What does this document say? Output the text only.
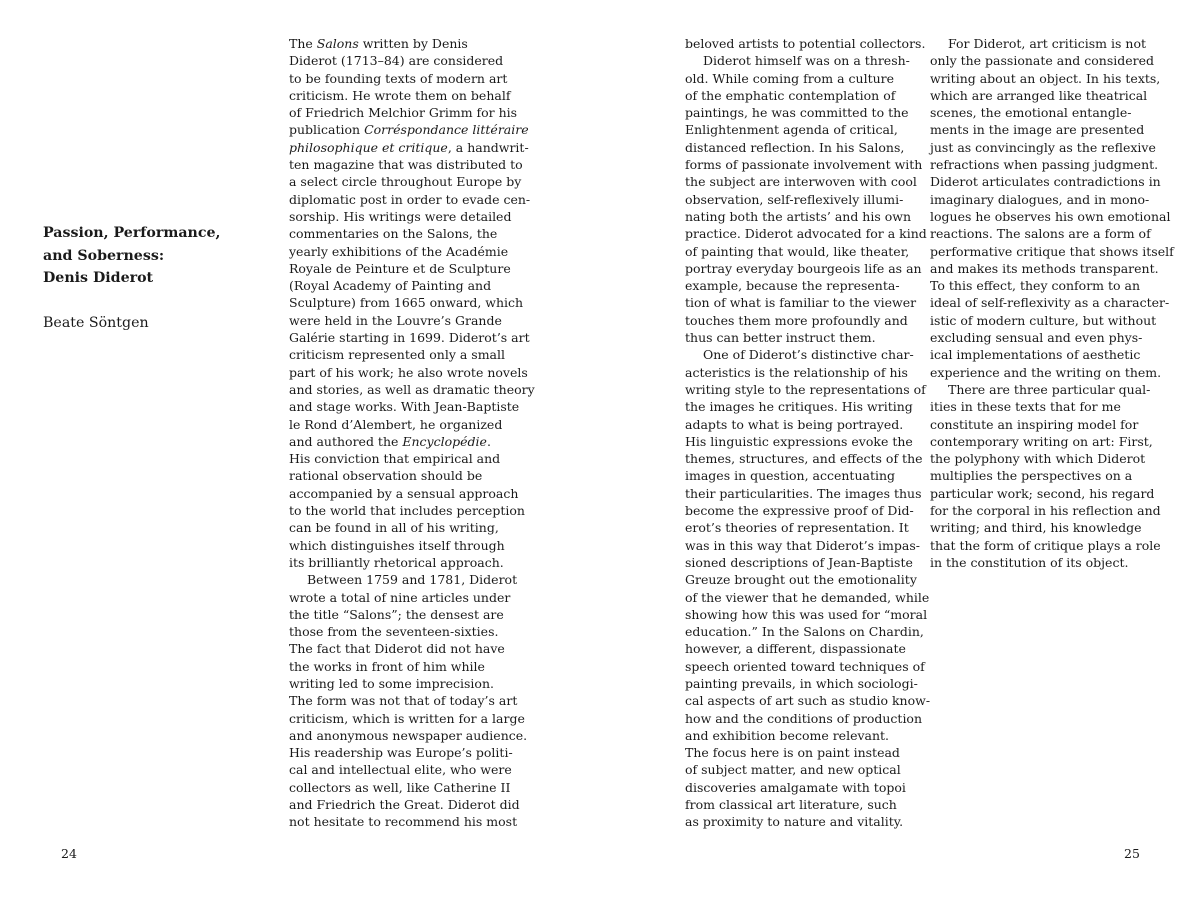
Passion, Performance,
and Soberness:
Denis Diderot
Beate Söntgen
The Salons written by Denis
Diderot (1713–84) are considered
to be founding texts of modern art
criticism. He wrote them on behalf
of Friedrich Melchior Grimm for his
publication Corréspondance littéraire
philosophique et critique, a handwrit-
ten magazine that was distributed to
a select circle throughout Europe by
diplomatic post in order to evade cen-
sorship. His writings were detailed
commentaries on the Salons, the
yearly exhibitions of the Académie
Royale de Peinture et de Sculpture
(Royal Academy of Painting and
Sculpture) from 1665 onward, which
were held in the Louvre’s Grande
Galérie starting in 1699. Diderot’s art
criticism represented only a small
part of his work; he also wrote novels
and stories, as well as dramatic theory
and stage works. With Jean-Baptiste
le Rond d’Alembert, he organized
and authored the Encyclopédie.
His conviction that empirical and
rational observation should be
accompanied by a sensual approach
to the world that includes perception
can be found in all of his writing,
which distinguishes itself through
its brilliantly rhetorical approach.
Between 1759 and 1781, Diderot
wrote a total of nine articles under
the title “Salons”; the densest are
those from the seventeen-sixties.
The fact that Diderot did not have
the works in front of him while
writing led to some imprecision.
The form was not that of today’s art
criticism, which is written for a large
and anonymous newspaper audience.
His readership was Europe’s politi-
cal and intellectual elite, who were
collectors as well, like Catherine II
and Friedrich the Great. Diderot did
not hesitate to recommend his most
beloved artists to potential collectors.
Diderot himself was on a thresh-
old. While coming from a culture
of the emphatic contemplation of
paintings, he was committed to the
Enlightenment agenda of critical,
distanced reflection. In his Salons,
forms of passionate involvement with
the subject are interwoven with cool
observation, self-reflexively illumi-
nating both the artists’ and his own
practice. Diderot advocated for a kind
of painting that would, like theater,
portray everyday bourgeois life as an
example, because the representa-
tion of what is familiar to the viewer
touches them more profoundly and
thus can better instruct them.
One of Diderot’s distinctive char-
acteristics is the relationship of his
writing style to the representations of
the images he critiques. His writing
adapts to what is being portrayed.
His linguistic expressions evoke the
themes, structures, and effects of the
images in question, accentuating
their particularities. The images thus
become the expressive proof of Did-
erot’s theories of representation. It
was in this way that Diderot’s impas-
sioned descriptions of Jean-Baptiste
Greuze brought out the emotionality
of the viewer that he demanded, while
showing how this was used for “moral
education.” In the Salons on Chardin,
however, a different, dispassionate
speech oriented toward techniques of
painting prevails, in which sociologi-
cal aspects of art such as studio know-
how and the conditions of production
and exhibition become relevant.
The focus here is on paint instead
of subject matter, and new optical
discoveries amalgamate with topoi
from classical art literature, such
as proximity to nature and vitality.
For Diderot, art criticism is not
only the passionate and considered
writing about an object. In his texts,
which are arranged like theatrical
scenes, the emotional entangle-
ments in the image are presented
just as convincingly as the reflexive
refractions when passing judgment.
Diderot articulates contradictions in
imaginary dialogues, and in mono-
logues he observes his own emotional
reactions. The salons are a form of
performative critique that shows itself
and makes its methods transparent.
To this effect, they conform to an
ideal of self-reflexivity as a character-
istic of modern culture, but without
excluding sensual and even phys-
ical implementations of aesthetic
experience and the writing on them.
There are three particular qual-
ities in these texts that for me
constitute an inspiring model for
contemporary writing on art: First,
the polyphony with which Diderot
multiplies the perspectives on a
particular work; second, his regard
for the corporal in his reflection and
writing; and third, his knowledge
that the form of critique plays a role
in the constitution of its object.
24	25
